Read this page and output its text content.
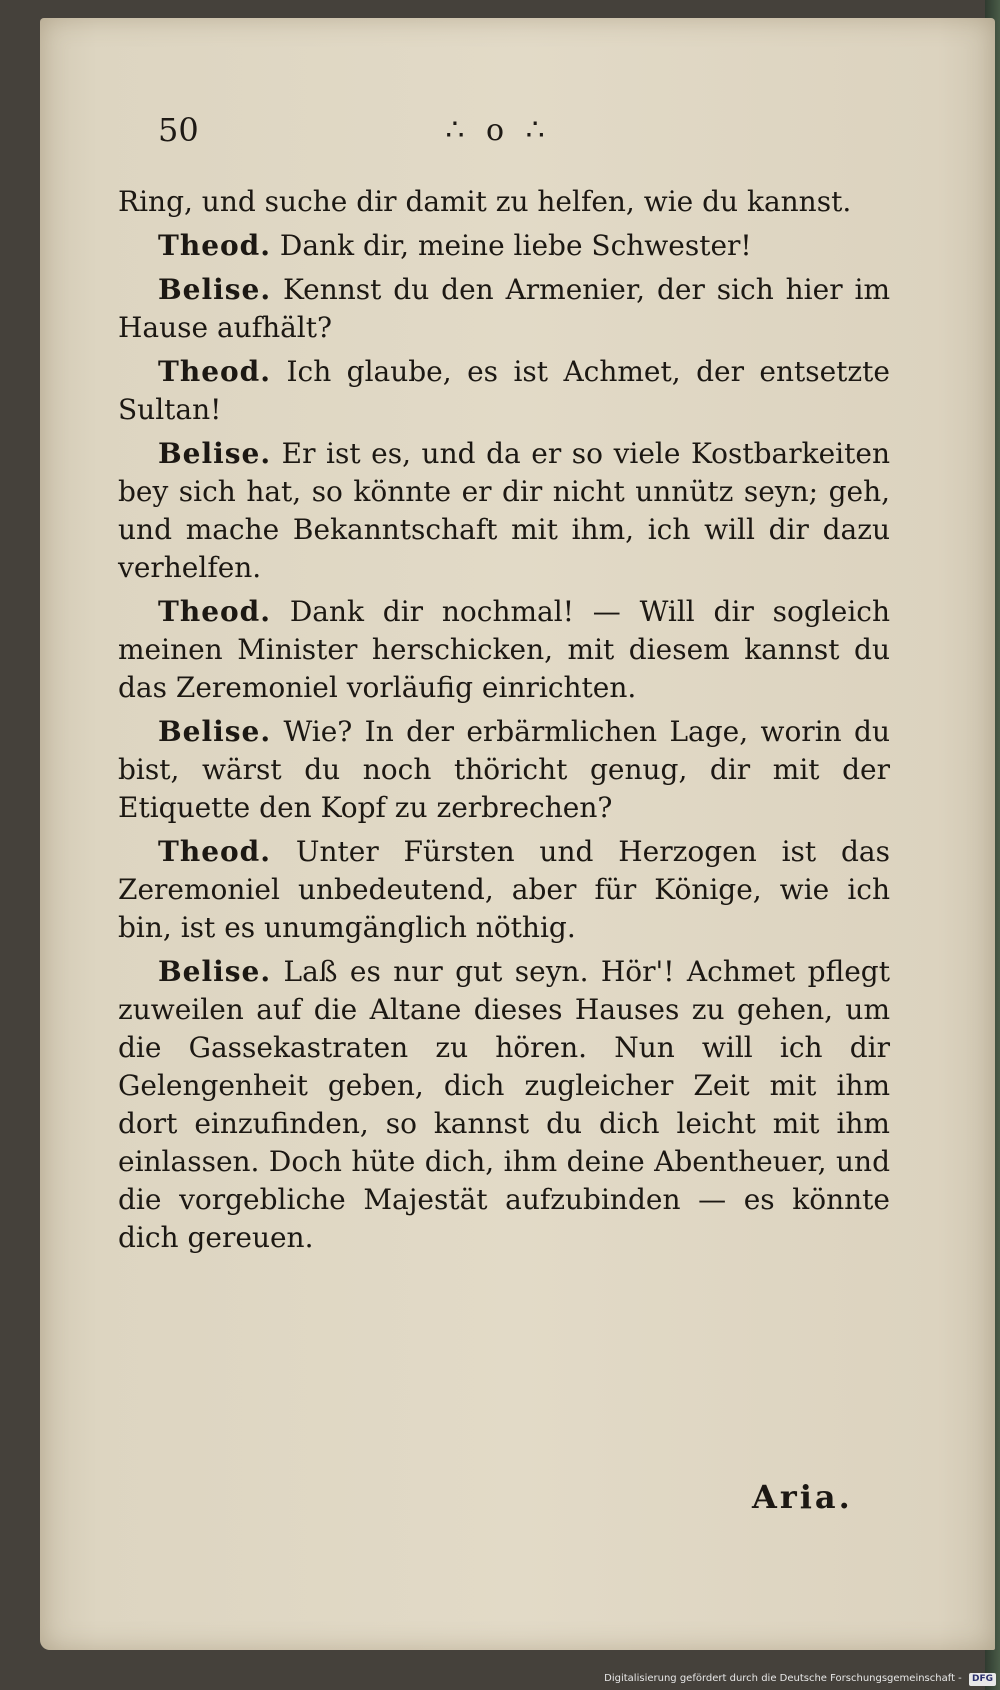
50	∴ o ∴

Ring, und suche dir damit zu helfen, wie du kannst.

Theod. Dank dir, meine liebe Schwester!

Belise. Kennst du den Armenier, der sich hier im Hause aufhält?

Theod. Ich glaube, es ist Achmet, der entsetzte Sultan!

Belise. Er ist es, und da er so viele Kostbarkeiten bey sich hat, so könnte er dir nicht unnütz seyn; geh, und mache Bekanntschaft mit ihm, ich will dir dazu verhelfen.

Theod. Dank dir nochmal! — Will dir sogleich meinen Minister herschicken, mit diesem kannst du das Zeremoniel vorläufig einrichten.

Belise. Wie? In der erbärmlichen Lage, worin du bist, wärst du noch thöricht genug, dir mit der Etiquette den Kopf zu zerbrechen?

Theod. Unter Fürsten und Herzogen ist das Zeremoniel unbedeutend, aber für Könige, wie ich bin, ist es unumgänglich nöthig.

Belise. Laß es nur gut seyn. Hör'! Achmet pflegt zuweilen auf die Altane dieses Hauses zu gehen, um die Gassekastraten zu hören. Nun will ich dir Gelengenheit geben, dich zugleicher Zeit mit ihm dort einzufinden, so kannst du dich leicht mit ihm einlassen. Doch hüte dich, ihm deine Abentheuer, und die vorgebliche Majestät aufzubinden — es könnte dich gereuen.

Aria.
Digitalisierung gefördert durch die Deutsche Forschungsgemeinschaft - DFG
